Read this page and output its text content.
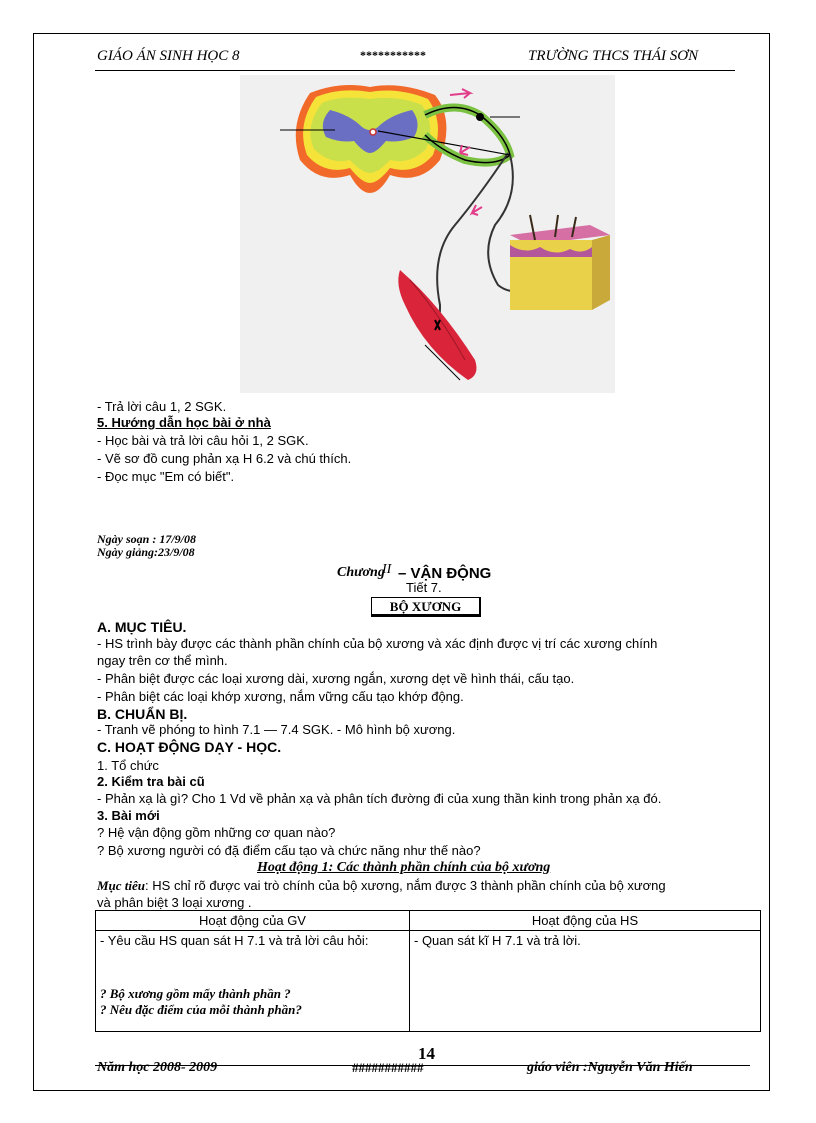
GIÁO ÁN SINH HỌC 8	***********	TRƯỜNG THCS THÁI SƠN
- Trả lời câu 1, 2 SGK.
5. Hướng dẫn học bài ở nhà
- Học bài và trả lời câu hỏi 1, 2 SGK.
- Vẽ sơ đồ cung phản xạ H 6.2 và chú thích.
- Đọc mục "Em có biết".
Ngày soạn : 17/9/08
Ngày giảng:23/9/08
Chương
II – VẬN ĐỘNG
Tiết 7.
BỘ XƯƠNG
A. MỤC TIÊU.
- HS trình bày được các thành phần chính của bộ xương và xác định được vị trí các xương chính
ngay trên cơ thể mình.
- Phân biệt được các loại xương dài, xương ngắn, xương dẹt về hình thái, cấu tạo.
- Phân biệt các loại khớp xương, nắm vững cấu tạo khớp động.
B. CHUẨN BỊ.
- Tranh vẽ phóng to hình 7.1 — 7.4 SGK. - Mô hình bộ xương.
C. HOẠT ĐỘNG DẠY - HỌC.
1. Tổ chức
2. Kiểm tra bài cũ
- Phản xạ là gì? Cho 1 Vd về phản xạ và phân tích đường đi của xung thần kinh trong phản xạ đó.
3. Bài mới
? Hệ vận động gồm những cơ quan nào?
? Bộ xương người có đặ điểm cấu tạo và chức năng như thế nào?
Hoạt động 1: Các thành phần chính của bộ xương
Mục tiêu: HS chỉ rõ được vai trò chính của bộ xương, nắm được 3 thành phần chính của bộ xương
và phân biệt 3 loại xương .
Hoạt động của GV	Hoạt động của HS

- Yêu cầu HS quan sát H 7.1 và trả lời câu hỏi:
? Bộ xương gồm mấy thành phần ?
? Nêu đặc điểm của mỗi thành phần?	- Quan sát kĩ H 7.1 và trả lời.
14
Năm học 2008- 2009	###########	giáo viên :Nguyễn Văn Hiến
